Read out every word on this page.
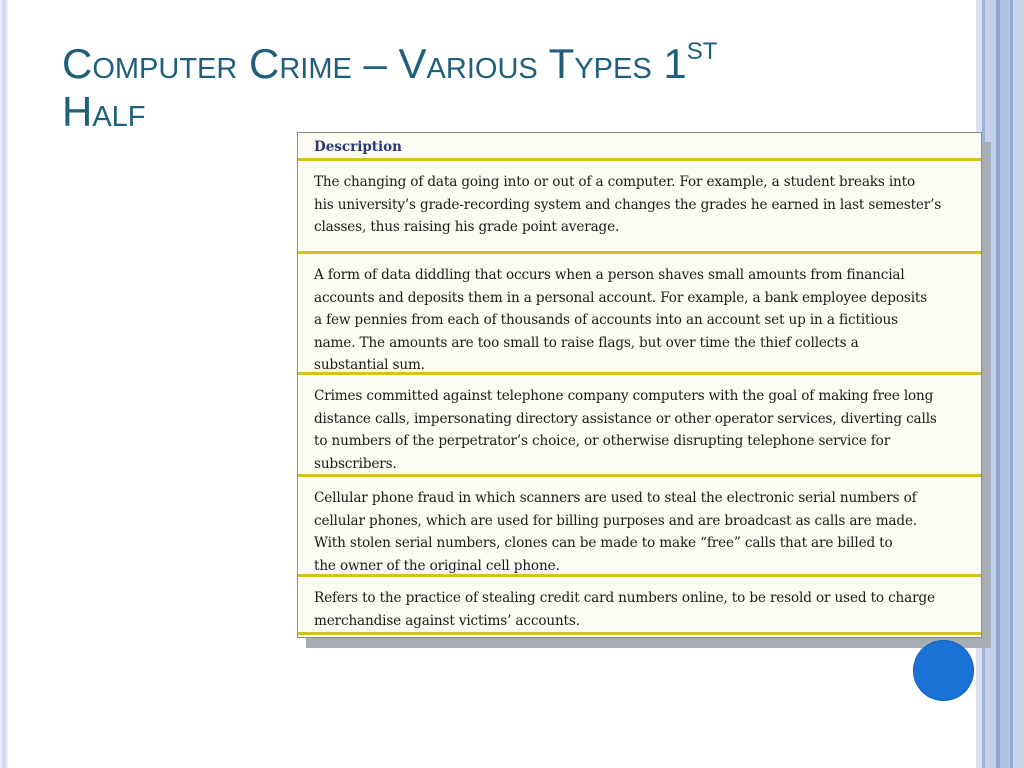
Computer Crime – Various Types 1ST
Half
Description
The changing of data going into or out of a computer. For example, a student breaks into
his university’s grade-recording system and changes the grades he earned in last semester’s
classes, thus raising his grade point average.
A form of data diddling that occurs when a person shaves small amounts from financial
accounts and deposits them in a personal account. For example, a bank employee deposits
a few pennies from each of thousands of accounts into an account set up in a fictitious
name. The amounts are too small to raise flags, but over time the thief collects a
substantial sum.
Crimes committed against telephone company computers with the goal of making free long
distance calls, impersonating directory assistance or other operator services, diverting calls
to numbers of the perpetrator’s choice, or otherwise disrupting telephone service for
subscribers.
Cellular phone fraud in which scanners are used to steal the electronic serial numbers of
cellular phones, which are used for billing purposes and are broadcast as calls are made.
With stolen serial numbers, clones can be made to make “free” calls that are billed to
the owner of the original cell phone.
Refers to the practice of stealing credit card numbers online, to be resold or used to charge
merchandise against victims’ accounts.
